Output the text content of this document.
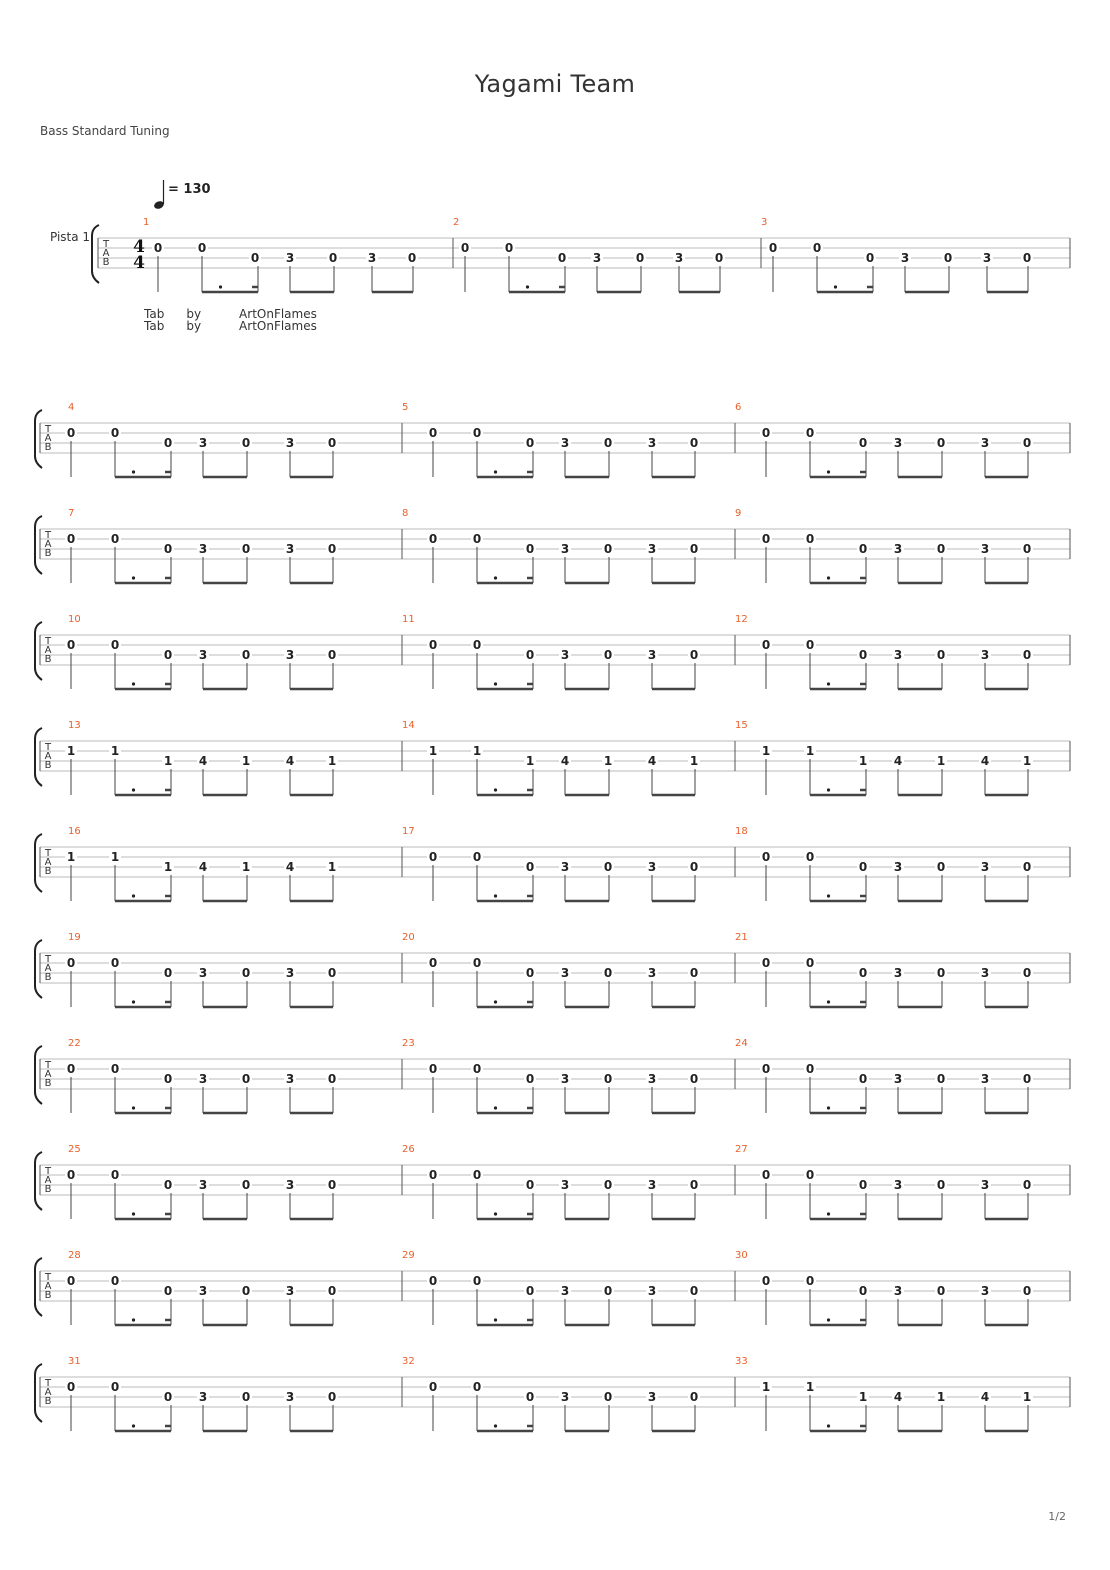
Yagami Team
Bass Standard Tuning
Tab by	ArtOnFlames
Tab by	ArtOnFlames
1/2
= 130
Pista 1
T
A
B
4
4
1
0	0
0 3	0	3	0
2
0	0
0 3	0	3	0
3
0	0
0 3	0	3	0
T
A
B
4
0	0
0 3	0	3	0
5
0	0
0 3	0	3	0
6
0	0
0 3	0	3	0
T
A
B
7
0	0
0 3	0	3	0
8
0	0
0 3	0	3	0
9
0	0
0 3	0	3	0
T
A
B
10
0	0
0 3	0	3	0
11
0	0
0 3	0	3	0
12
0	0
0 3	0	3	0
T
A
B
13
1	1
1 4	1	4	1
14
1	1
1 4	1	4	1
15
1	1
1 4	1	4	1
T
A
B
16
1	1
1 4	1	4	1
17
0	0
0 3	0	3	0
18
0	0
0 3	0	3	0
T
A
B
19
0	0
0 3	0	3	0
20
0	0
0 3	0	3	0
21
0	0
0 3	0	3	0
T
A
B
22
0	0
0 3	0	3	0
23
0	0
0 3	0	3	0
24
0	0
0 3	0	3	0
T
A
B
25
0	0
0 3	0	3	0
26
0	0
0 3	0	3	0
27
0	0
0 3	0	3	0
T
A
B
28
0	0
0 3	0	3	0
29
0	0
0 3	0	3	0
30
0	0
0 3	0	3	0
T
A
B
31
0	0
0 3	0	3	0
32
0	0
0 3	0	3	0
33
1	1
1 4	1	4	1
